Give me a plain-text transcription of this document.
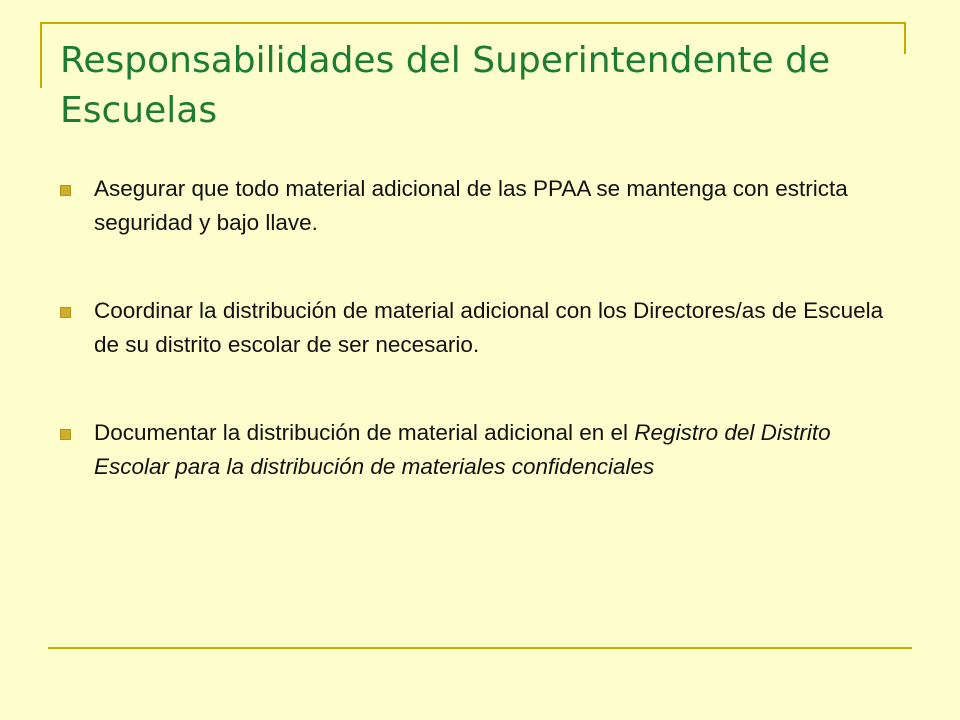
Responsabilidades del Superintendente de Escuelas
Asegurar que todo material adicional de las PPAA se mantenga con estricta seguridad y bajo llave.
Coordinar la distribución de material adicional con los Directores/as de Escuela de su distrito escolar de ser necesario.
Documentar la distribución de material adicional en el Registro del Distrito Escolar para la distribución de materiales confidenciales
